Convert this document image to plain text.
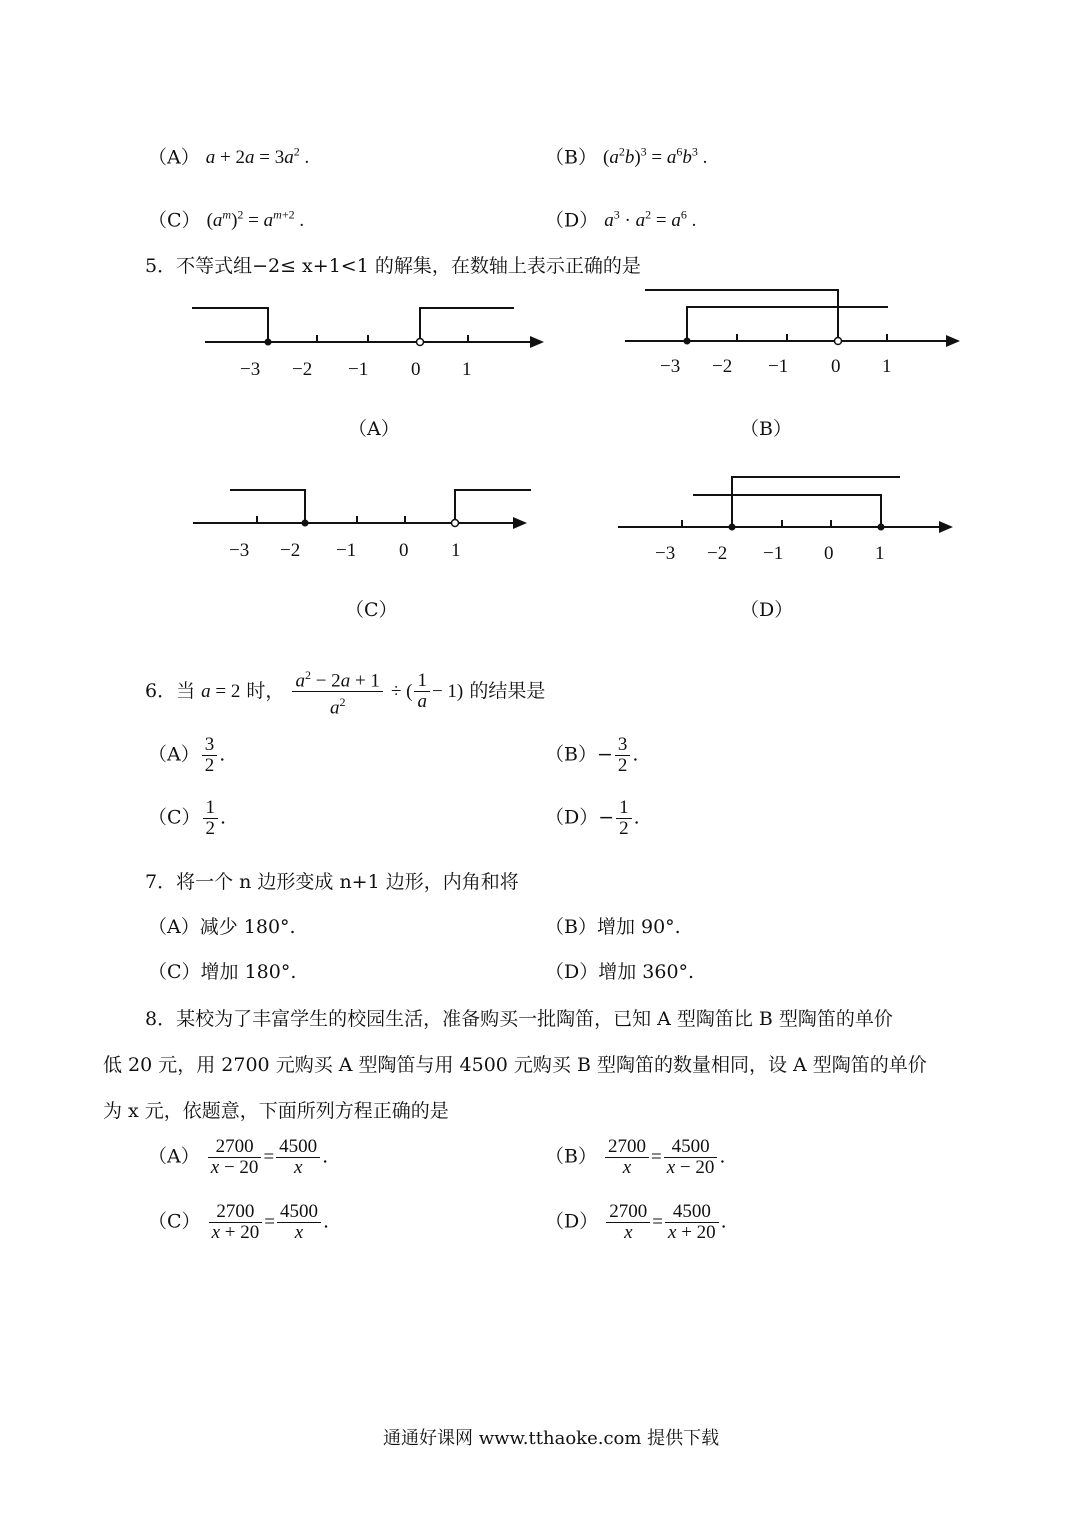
（A） $a + 2a = 3a^2$ .	（B） $(a^2b)^3 = a^6b^3$ .
（C） $(a^m)^2 = a^{m+2}$ .	（D） $a^3 \cdot a^2 = a^6$ .
5．不等式组−2≤ x+1<1 的解集，在数轴上表示正确的是
−3 −2 −1 0 1
（A）
−3 −2 −1 0 1
（B）
−3 −2 −1 0 1
（C）
−3 −2 −1 0 1
（D）
6．当 a = 2 时， $\frac{a^2 - 2a + 1}{a^2}$ ÷ ( $\frac{1}{a} - 1$) 的结果是
$(A) \frac{3}{2}$ .	$(B)- \frac{3}{2}$ .
$(C) \frac{1}{2}$ .	$(D)- \frac{1}{2}$ .
7．将一个 n 边形变成 n+1 边形，内角和将
（A）减少 180°.	（B）增加 90°.
（C）增加 180°.	（D）增加 360°.
8．某校为了丰富学生的校园生活，准备购买一批陶笛，已知 A 型陶笛比 B 型陶笛的单价
低 20 元，用 2700 元购买 A 型陶笛与用 4500 元购买 B 型陶笛的数量相同，设 A 型陶笛的单价
为 x 元，依题意，下面所列方程正确的是
$(A) \frac{2700}{x - 20} = \frac{4500}{x}$ .	$(B) \frac{2700}{x} = \frac{4500}{x - 20}$ .
$(C) \frac{2700}{x + 20} = \frac{4500}{x}$ .	$(D) \frac{2700}{x} = \frac{4500}{x + 20}$ .
通通好课网 www.tthaoke.com 提供下载
